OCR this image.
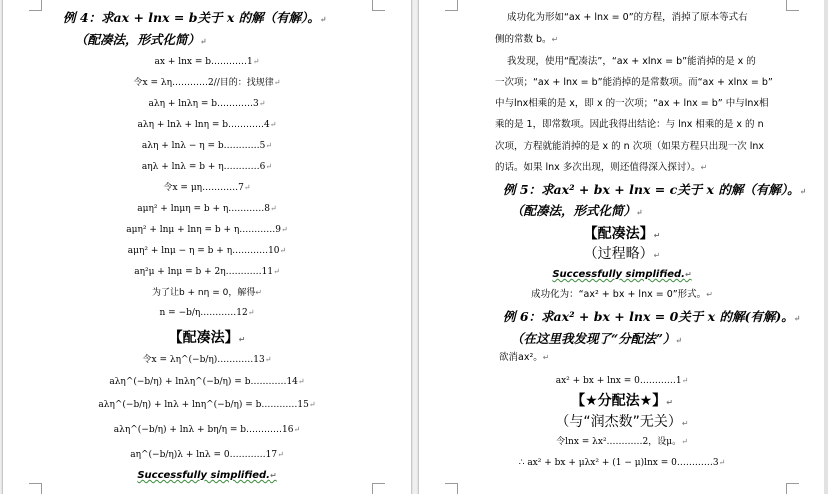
例 4：求ax + lnx = b关于 x 的解（有解）。↵
（配凑法，形式化简）↵
ax + lnx = b…………1↵
令x = λη…………2//目的：找规律↵
aλη + lnλη = b…………3↵
aλη + lnλ + lnη = b…………4↵
aλη + lnλ − η = b…………5↵
aηλ + lnλ = b + η…………6↵
令x = μη…………7↵
aμη² + lnμη = b + η…………8↵
aμη² + lnμ + lnη = b + η…………9↵
aμη² + lnμ − η = b + η…………10↵
aη²μ + lnμ = b + 2η…………11↵
为了让b + nη = 0，解得↵
n = −b/η…………12↵
【配凑法】↵
令x = λη^(−b/η)…………13↵
aλη^(−b/η) + lnλη^(−b/η) = b…………14↵
aλη^(−b/η) + lnλ + lnη^(−b/η) = b…………15↵
aλη^(−b/η) + lnλ + bη/η = b…………16↵
aη^(−b/η)λ + lnλ = 0…………17↵
Successfully simplified.↵
成功化为形如“ax + lnx = 0”的方程，消掉了原本等式右
侧的常数 b。↵
我发现，使用“配凑法”，“ax + xlnx = b”能消掉的是 x 的
一次项；“ax + lnx = b”能消掉的是常数项。而“ax + xlnx = b”
中与lnx相乘的是 x，即 x 的一次项；“ax + lnx = b” 中与lnx相
乘的是 1，即常数项。因此我得出结论：与 lnx 相乘的是 x 的 n
次项，方程就能消掉的是 x 的 n 次项（如果方程只出现一次 lnx
的话。如果 lnx 多次出现，则还值得深入探讨）。↵
例 5：求ax² + bx + lnx = c关于 x 的解（有解）。↵
（配凑法，形式化简）↵
【配凑法】↵
（过程略）↵
Successfully simplified.↵
成功化为：“ax² + bx + lnx = 0”形式。↵
例 6：求ax² + bx + lnx = 0关于 x 的解(有解)。↵
（在这里我发现了“分配法”）↵
欲消ax²。↵
ax² + bx + lnx = 0…………1↵
【★分配法★】↵
（与“润杰数”无关）↵
令lnx = λx²…………2，设μ。↵
∴ ax² + bx + μλx² + (1 − μ)lnx = 0…………3↵
